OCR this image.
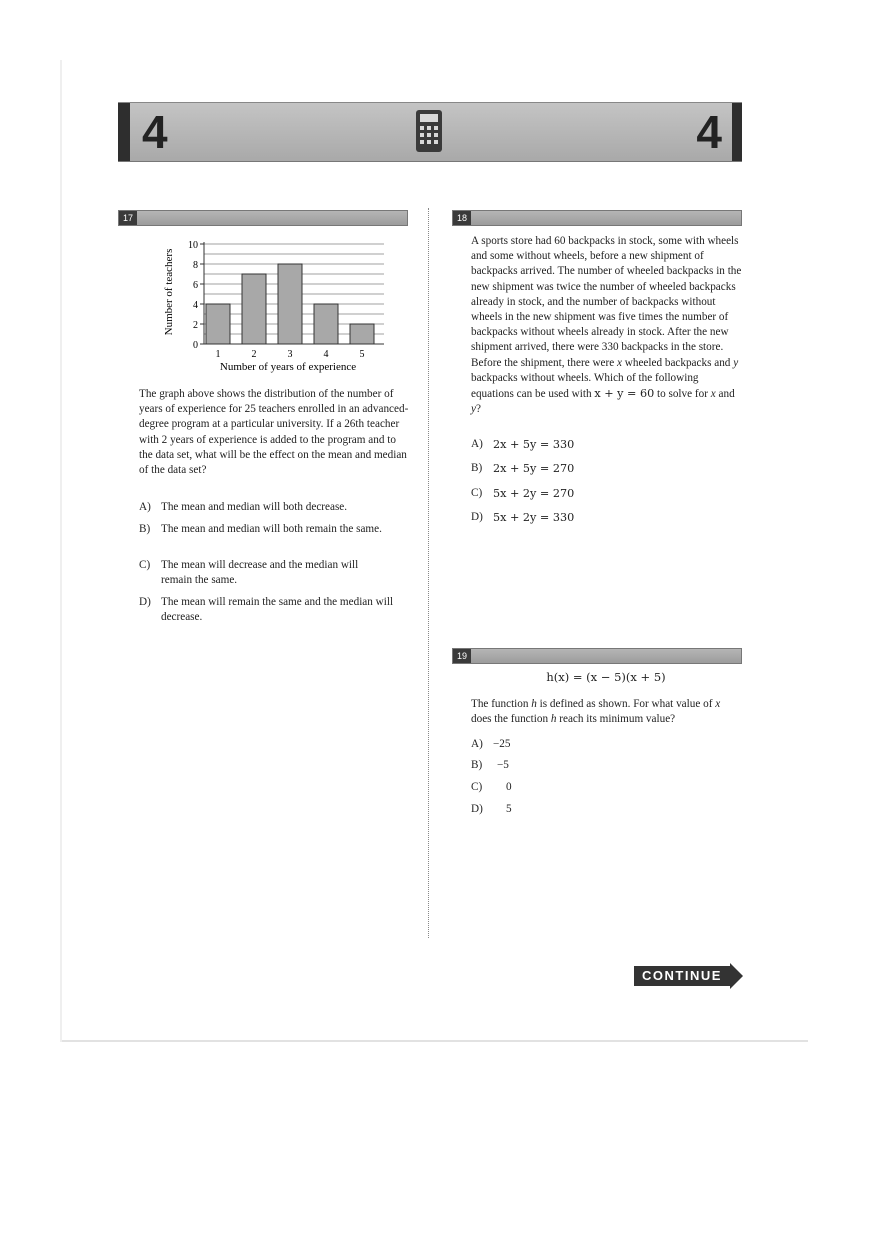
4	4
17
0
2
4
6
8
10
1	2	3	4	5
Number of teachers
Number of years of experience
The graph above shows the distribution of the number of years of experience for 25 teachers enrolled in an advanced-degree program at a particular university. If a 26th teacher with 2 years of experience is added to the program and to the data set, what will be the effect on the mean and median of the data set?
A) The mean and median will both decrease.
B) The mean and median will both remain the same.
C) The mean will decrease and the median will remain the same.
D) The mean will remain the same and the median will decrease.
18
A sports store had 60 backpacks in stock, some with wheels and some without wheels, before a new shipment of backpacks arrived. The number of wheeled backpacks in the new shipment was twice the number of wheeled backpacks already in stock, and the number of backpacks without wheels in the new shipment was five times the number of backpacks without wheels already in stock. After the new shipment arrived, there were 330 backpacks in the store. Before the shipment, there were x wheeled backpacks and y backpacks without wheels. Which of the following equations can be used with x + y = 60 to solve for x and y?
A) 2x + 5y = 330
B) 2x + 5y = 270
C) 5x + 2y = 270
D) 5x + 2y = 330
19
h(x) = (x − 5)(x + 5)
The function h is defined as shown. For what value of x does the function h reach its minimum value?
A) −25
B)	−5
C)	0
D)	5
CONTINUE
